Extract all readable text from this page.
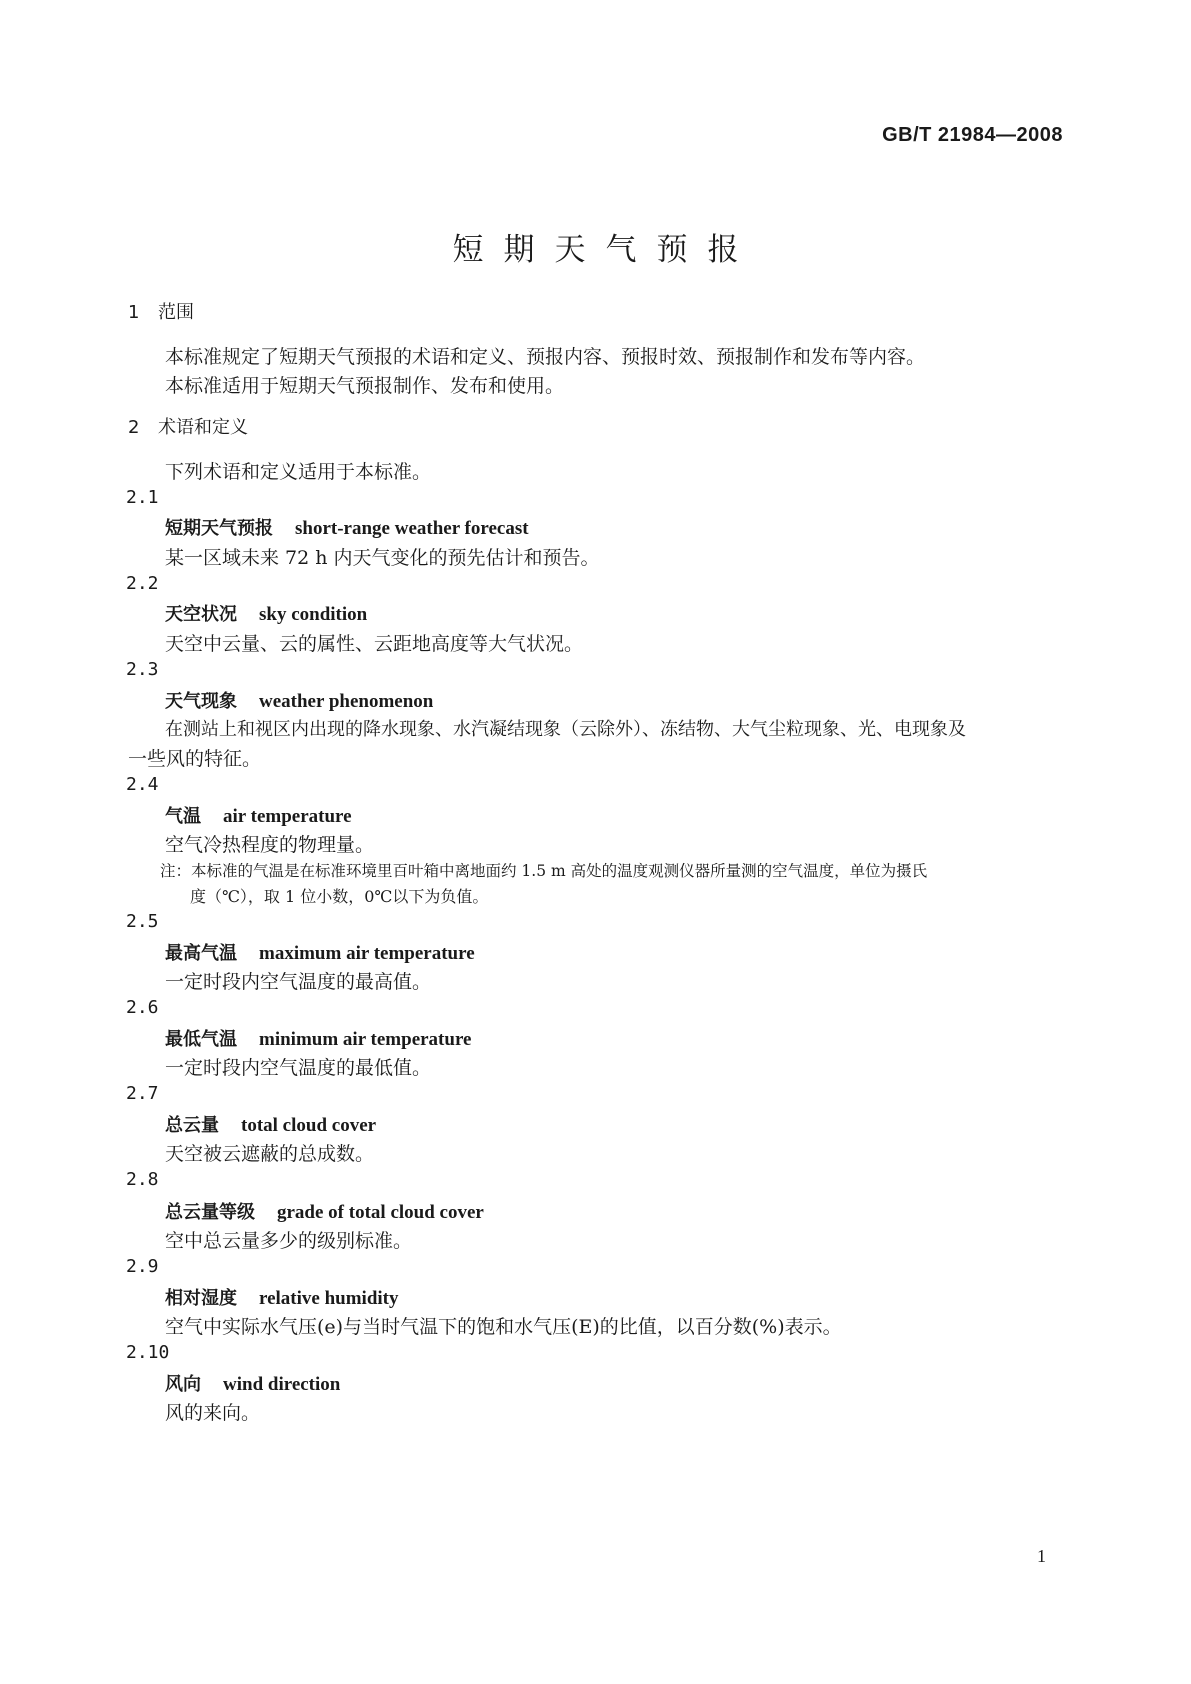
GB/T 21984—2008
短期天气预报
1 范围
本标准规定了短期天气预报的术语和定义、预报内容、预报时效、预报制作和发布等内容。
本标准适用于短期天气预报制作、发布和使用。
2 术语和定义
下列术语和定义适用于本标准。
2.1
短期天气预报 short-range weather forecast
某一区域未来 72 h 内天气变化的预先估计和预告。
2.2
天空状况 sky condition
天空中云量、云的属性、云距地高度等大气状况。
2.3
天气现象 weather phenomenon
在测站上和视区内出现的降水现象、水汽凝结现象（云除外）、冻结物、大气尘粒现象、光、电现象及
一些风的特征。
2.4
气温 air temperature
空气冷热程度的物理量。
注：本标准的气温是在标准环境里百叶箱中离地面约 1.5 m 高处的温度观测仪器所量测的空气温度，单位为摄氏
度（℃），取 1 位小数，0℃以下为负值。
2.5
最高气温 maximum air temperature
一定时段内空气温度的最高值。
2.6
最低气温 minimum air temperature
一定时段内空气温度的最低值。
2.7
总云量 total cloud cover
天空被云遮蔽的总成数。
2.8
总云量等级 grade of total cloud cover
空中总云量多少的级别标准。
2.9
相对湿度 relative humidity
空气中实际水气压(e)与当时气温下的饱和水气压(E)的比值，以百分数(%)表示。
2.10
风向 wind direction
风的来向。
1
